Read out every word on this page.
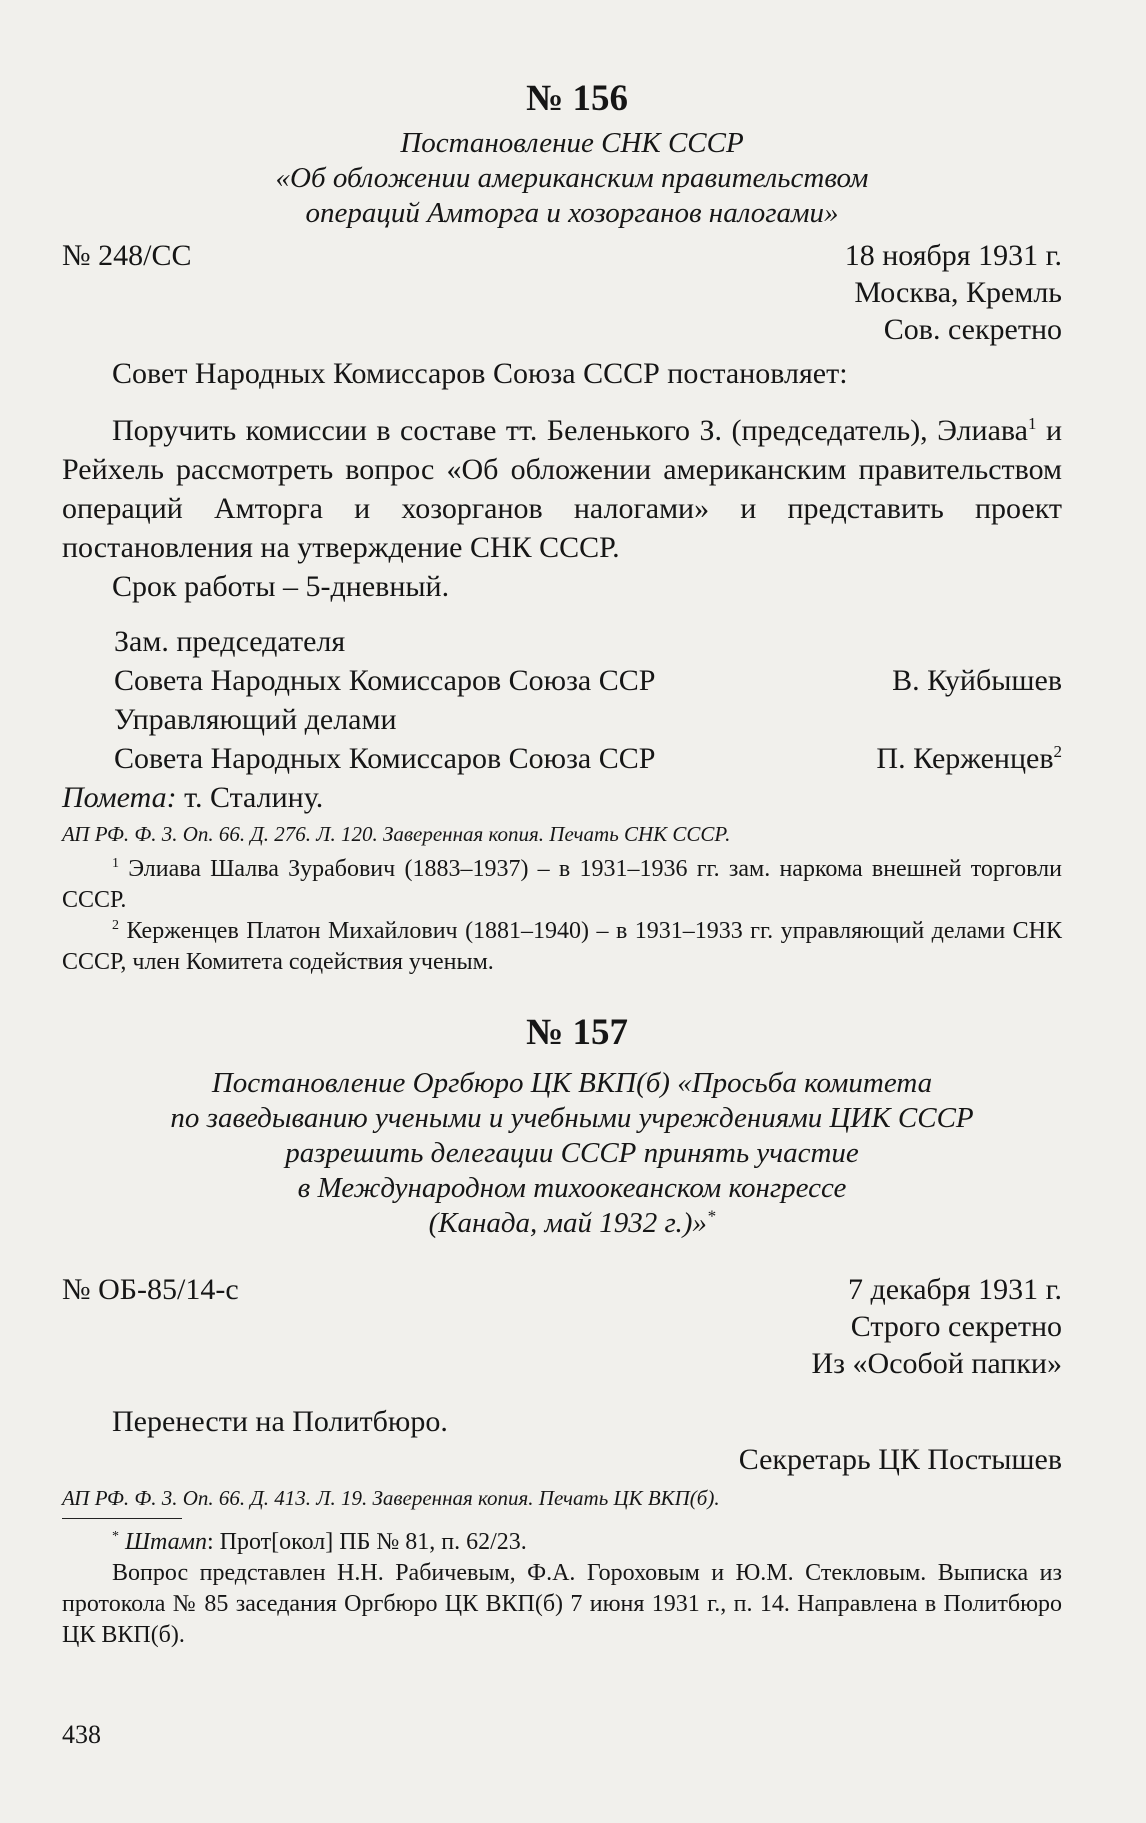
№ 156

Постановление СНК СССР

«Об обложении американским правительством

операций Амторга и хозорганов налогами»

№ 248/СС	18 ноября 1931 г.
Москва, Кремль
Сов. секретно

Совет Народных Комиссаров Союза СССР постановляет:

Поручить комиссии в составе тт. Беленького З. (председатель), Элиава$^1$ и Рейхель рассмотреть вопрос «Об обложении американским правительством операций Амторга и хозорганов налогами» и представить проект постановления на утверждение СНК СССР.

Срок работы – 5-дневный.

Зам. председателя
Совета Народных Комиссаров Союза ССР	В. Куйбышев
Управляющий делами
Совета Народных Комиссаров Союза ССР	П. Керженцев$^2$
Помета: т. Сталину.
АП РФ. Ф. 3. Оп. 66. Д. 276. Л. 120. Заверенная копия. Печать СНК СССР.

$^1$ Элиава Шалва Зурабович (1883–1937) – в 1931–1936 гг. зам. наркома внешней торговли СССР.

$^2$ Керженцев Платон Михайлович (1881–1940) – в 1931–1933 гг. управляющий делами СНК СССР, член Комитета содействия ученым.

№ 157

Постановление Оргбюро ЦК ВКП(б) «Просьба комитета

по заведыванию учеными и учебными учреждениями ЦИК СССР

разрешить делегации СССР принять участие

в Международном тихоокеанском конгрессе

(Канада, май 1932 г.)»*

№ ОБ-85/14-с	7 декабря 1931 г.
Строго секретно
Из «Особой папки»

Перенести на Политбюро.

Секретарь ЦК Постышев
АП РФ. Ф. 3. Оп. 66. Д. 413. Л. 19. Заверенная копия. Печать ЦК ВКП(б).

* Штамп: Прот[окол] ПБ № 81, п. 62/23.

Вопрос представлен Н.Н. Рабичевым, Ф.А. Гороховым и Ю.М. Стекловым. Выписка из протокола № 85 заседания Оргбюро ЦК ВКП(б) 7 июня 1931 г., п. 14. Направлена в Политбюро ЦК ВКП(б).

438
